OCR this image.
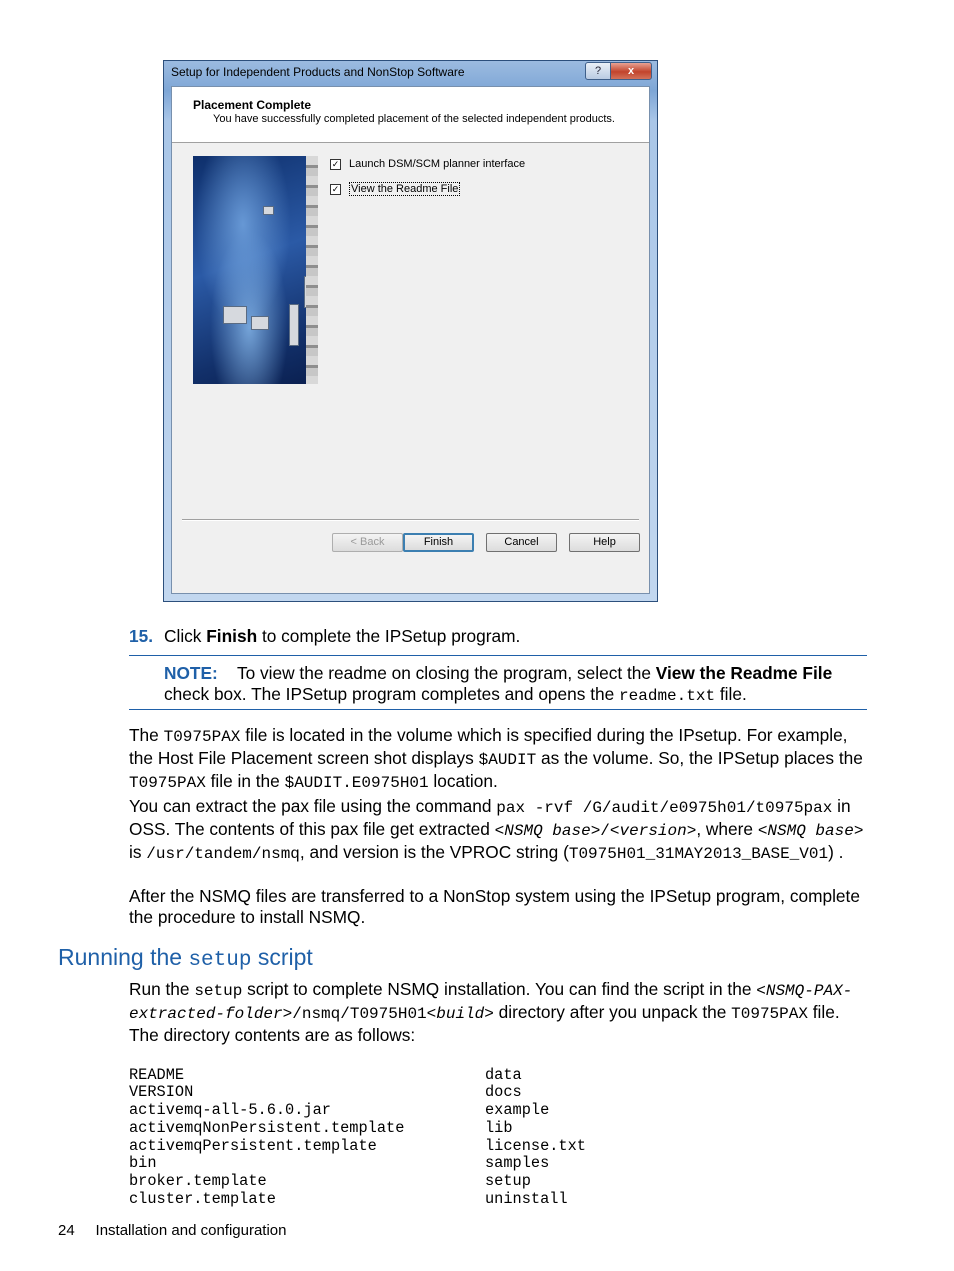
Setup for Independent Products and NonStop Software	?	x
Placement Complete
You have successfully completed placement of the selected independent products.
✓ Launch DSM/SCM planner interface
✓ View the Readme File
< Back	Finish	Cancel	Help
15. Click Finish to complete the IPSetup program.
NOTE: To view the readme on closing the program, select the View the Readme File check box. The IPSetup program completes and opens the readme.txt file.
The T0975PAX file is located in the volume which is specified during the IPsetup. For example, the Host File Placement screen shot displays $AUDIT as the volume. So, the IPSetup places the T0975PAX file in the $AUDIT.E0975H01 location.
You can extract the pax file using the command pax -rvf /G/audit/e0975h01/t0975pax in OSS. The contents of this pax file get extracted <NSMQ base>/<version>, where <NSMQ base> is /usr/tandem/nsmq, and version is the VPROC string (T0975H01_31MAY2013_BASE_V01) .
After the NSMQ files are transferred to a NonStop system using the IPSetup program, complete the procedure to install NSMQ.
Running the setup script
Run the setup script to complete NSMQ installation. You can find the script in the <NSMQ-PAX-extracted-folder>/nsmq/T0975H01<build> directory after you unpack the T0975PAX file. The directory contents are as follows:

README
VERSION
activemq-all-5.6.0.jar
activemqNonPersistent.template
activemqPersistent.template
bin
broker.template
cluster.template

data
docs
example
lib
license.txt
samples
setup
uninstall

24 Installation and configuration
